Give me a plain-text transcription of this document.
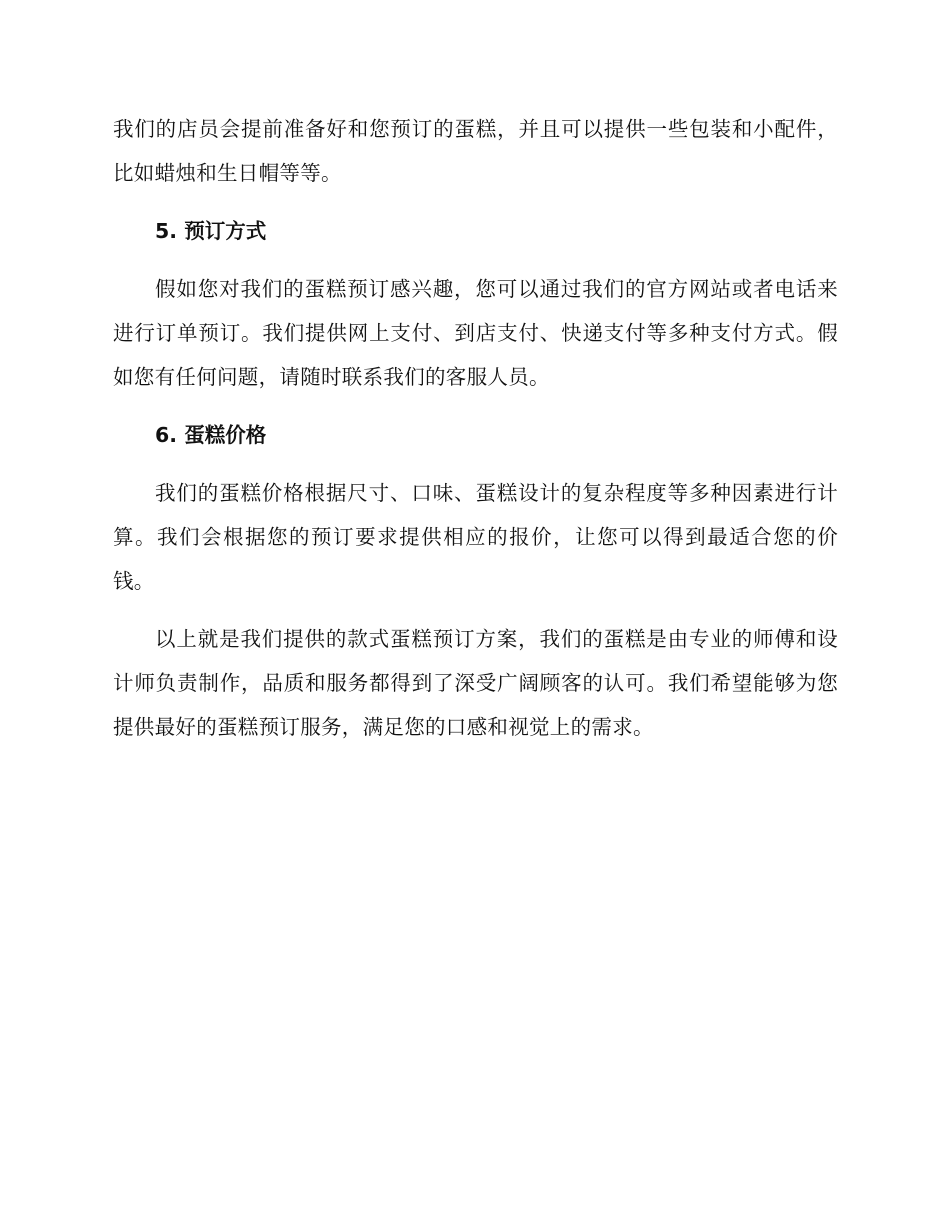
我们的店员会提前准备好和您预订的蛋糕，并且可以提供一些包装和小配件，比如蜡烛和生日帽等等。

5. 预订方式

假如您对我们的蛋糕预订感兴趣，您可以通过我们的官方网站或者电话来进行订单预订。我们提供网上支付、到店支付、快递支付等多种支付方式。假如您有任何问题，请随时联系我们的客服人员。

6. 蛋糕价格

我们的蛋糕价格根据尺寸、口味、蛋糕设计的复杂程度等多种因素进行计算。我们会根据您的预订要求提供相应的报价，让您可以得到最适合您的价钱。

以上就是我们提供的款式蛋糕预订方案，我们的蛋糕是由专业的师傅和设计师负责制作，品质和服务都得到了深受广阔顾客的认可。我们希望能够为您提供最好的蛋糕预订服务，满足您的口感和视觉上的需求。
